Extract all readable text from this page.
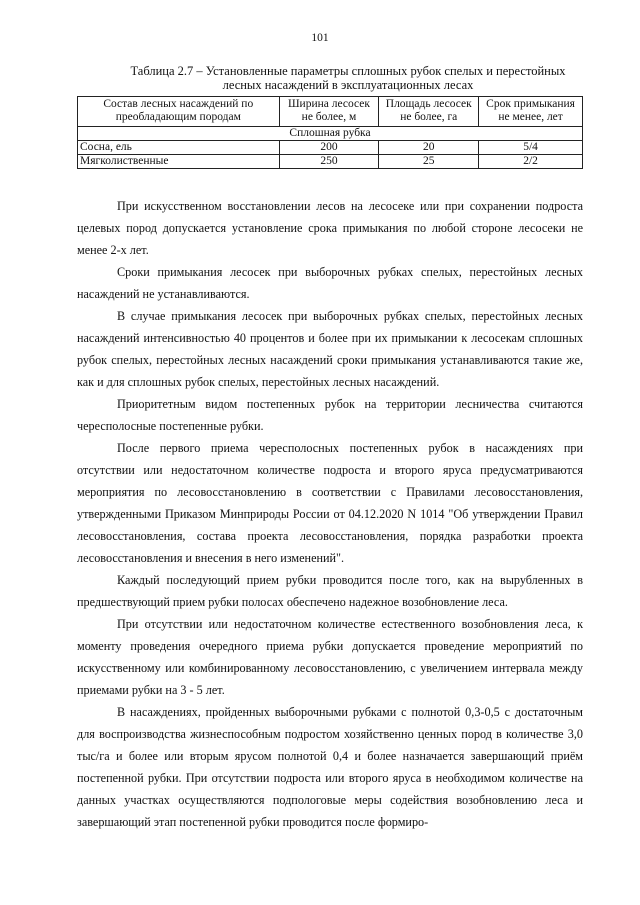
101
Таблица 2.7 – Установленные параметры сплошных рубок спелых и перестойных
лесных насаждений в эксплуатационных лесах
Состав лесных насаждений по преобладающим породам	Ширина лесосек не более, м	Площадь лесосек не более, га	Срок примыкания не менее, лет
Сплошная рубка			
Сосна, ель	200	20	5/4
Мягколиственные	250	25	2/2

При искусственном восстановлении лесов на лесосеке или при сохранении подроста целевых пород допускается установление срока примыкания по любой стороне лесосеки не менее 2-х лет.

Сроки примыкания лесосек при выборочных рубках спелых, перестойных лесных насаждений не устанавливаются.

В случае примыкания лесосек при выборочных рубках спелых, перестойных лесных насаждений интенсивностью 40 процентов и более при их примыкании к лесосекам сплошных рубок спелых, перестойных лесных насаждений сроки примыкания устанавливаются такие же, как и для сплошных рубок спелых, перестойных лесных насаждений.

Приоритетным видом постепенных рубок на территории лесничества считаются чересполосные постепенные рубки.

После первого приема чересполосных постепенных рубок в насаждениях при отсутствии или недостаточном количестве подроста и второго яруса предусматриваются мероприятия по лесовосстановлению в соответствии с Правилами лесовосстановления, утвержденными Приказом Минприроды России от 04.12.2020 N 1014 "Об утверждении Правил лесовосстановления, состава проекта лесовосстановления, порядка разработки проекта лесовосстановления и внесения в него изменений".

Каждый последующий прием рубки проводится после того, как на вырубленных в предшествующий прием рубки полосах обеспечено надежное возобновление леса.

При отсутствии или недостаточном количестве естественного возобновления леса, к моменту проведения очередного приема рубки допускается проведение мероприятий по искусственному или комбинированному лесовосстановлению, с увеличением интервала между приемами рубки на 3 - 5 лет.

В насаждениях, пройденных выборочными рубками с полнотой 0,3-0,5 с достаточным для воспроизводства жизнеспособным подростом хозяйственно ценных пород в количестве 3,0 тыс/га и более или вторым ярусом полнотой 0,4 и более назначается завершающий приём постепенной рубки. При отсутствии подроста или второго яруса в необходимом количестве на данных участках осуществляются подпологовые меры содействия возобновлению леса и завершающий этап постепенной рубки проводится после формиро-
